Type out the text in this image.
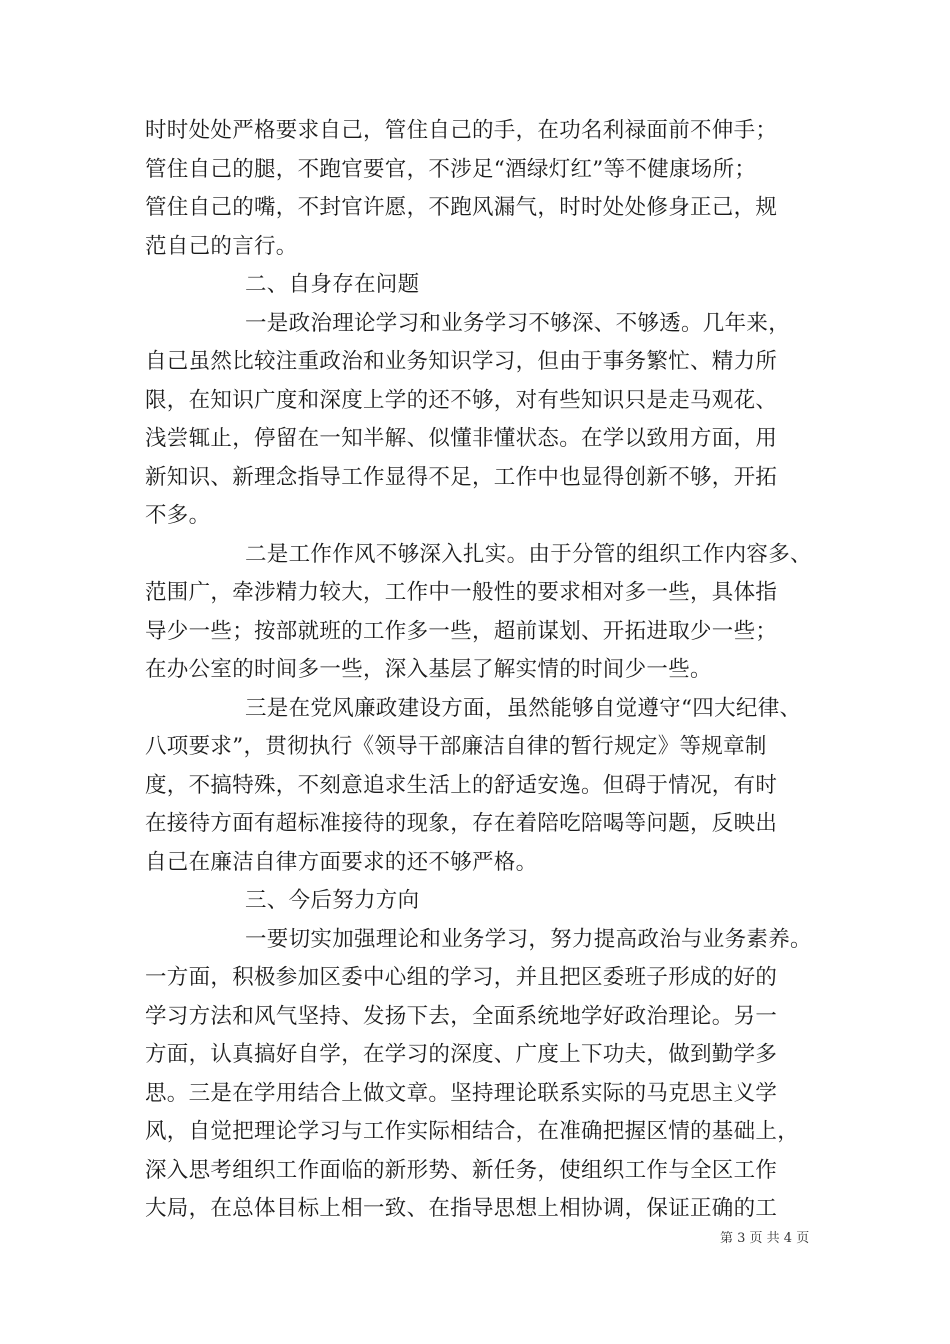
时时处处严格要求自己，管住自己的手，在功名利禄面前不伸手；
管住自己的腿，不跑官要官，不涉足“酒绿灯红”等不健康场所；
管住自己的嘴，不封官许愿，不跑风漏气，时时处处修身正己，规
范自己的言行。
二、自身存在问题
一是政治理论学习和业务学习不够深、不够透。几年来，
自己虽然比较注重政治和业务知识学习，但由于事务繁忙、精力所
限，在知识广度和深度上学的还不够，对有些知识只是走马观花、
浅尝辄止，停留在一知半解、似懂非懂状态。在学以致用方面，用
新知识、新理念指导工作显得不足，工作中也显得创新不够，开拓
不多。
二是工作作风不够深入扎实。由于分管的组织工作内容多、
范围广，牵涉精力较大，工作中一般性的要求相对多一些，具体指
导少一些；按部就班的工作多一些，超前谋划、开拓进取少一些；
在办公室的时间多一些，深入基层了解实情的时间少一些。
三是在党风廉政建设方面，虽然能够自觉遵守“四大纪律、
八项要求”，贯彻执行《领导干部廉洁自律的暂行规定》等规章制
度，不搞特殊，不刻意追求生活上的舒适安逸。但碍于情况，有时
在接待方面有超标准接待的现象，存在着陪吃陪喝等问题，反映出
自己在廉洁自律方面要求的还不够严格。
三、今后努力方向
一要切实加强理论和业务学习，努力提高政治与业务素养。
一方面，积极参加区委中心组的学习，并且把区委班子形成的好的
学习方法和风气坚持、发扬下去，全面系统地学好政治理论。另一
方面，认真搞好自学，在学习的深度、广度上下功夫，做到勤学多
思。三是在学用结合上做文章。坚持理论联系实际的马克思主义学
风，自觉把理论学习与工作实际相结合，在准确把握区情的基础上，
深入思考组织工作面临的新形势、新任务，使组织工作与全区工作
大局，在总体目标上相一致、在指导思想上相协调，保证正确的工
第 3 页 共 4 页
